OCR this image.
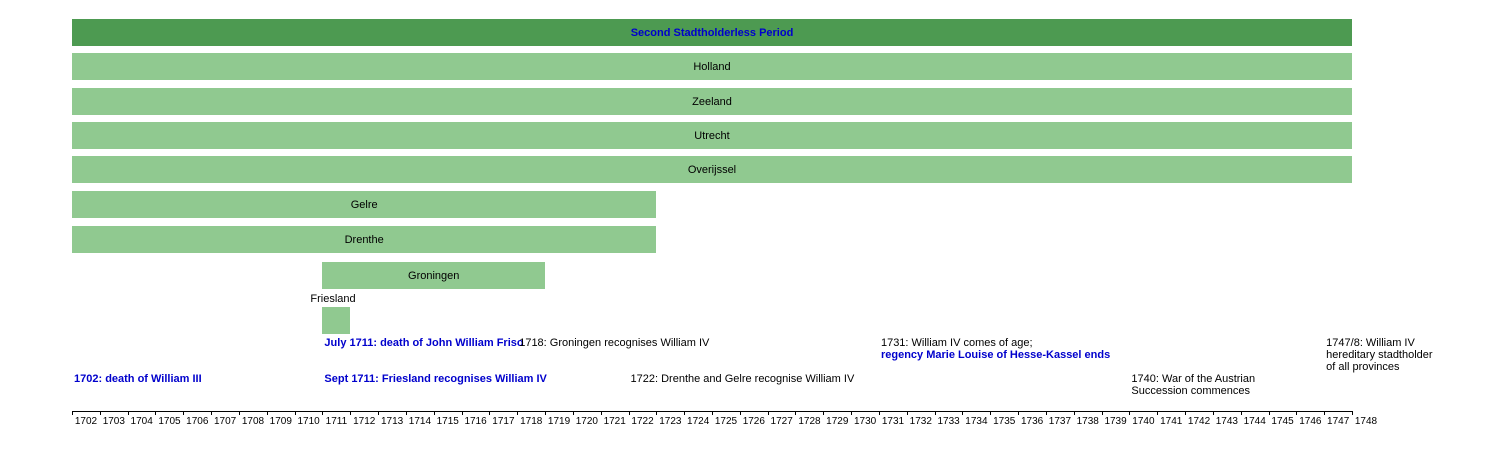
Second Stadtholderless Period
Holland
Zeeland
Utrecht
Overijssel
Gelre
Drenthe
Groningen
Friesland
1702: death of William III
July 1711: death of John William Friso
Sept 1711: Friesland recognises William IV
1718: Groningen recognises William IV
1722: Drenthe and Gelre recognise William IV
1731: William IV comes of age;
regency Marie Louise of Hesse-Kassel ends
1740: War of the Austrian
Succession commences
1747/8: William IV
hereditary stadtholder
of all provinces
1702 1703 1704 1705 1706 1707 1708 1709 1710 1711 1712 1713 1714 1715 1716 1717 1718 1719 1720 1721 1722 1723 1724 1725 1726 1727 1728 1729 1730 1731 1732 1733 1734 1735 1736 1737 1738 1739 1740 1741 1742 1743 1744 1745 1746 1747 1748
